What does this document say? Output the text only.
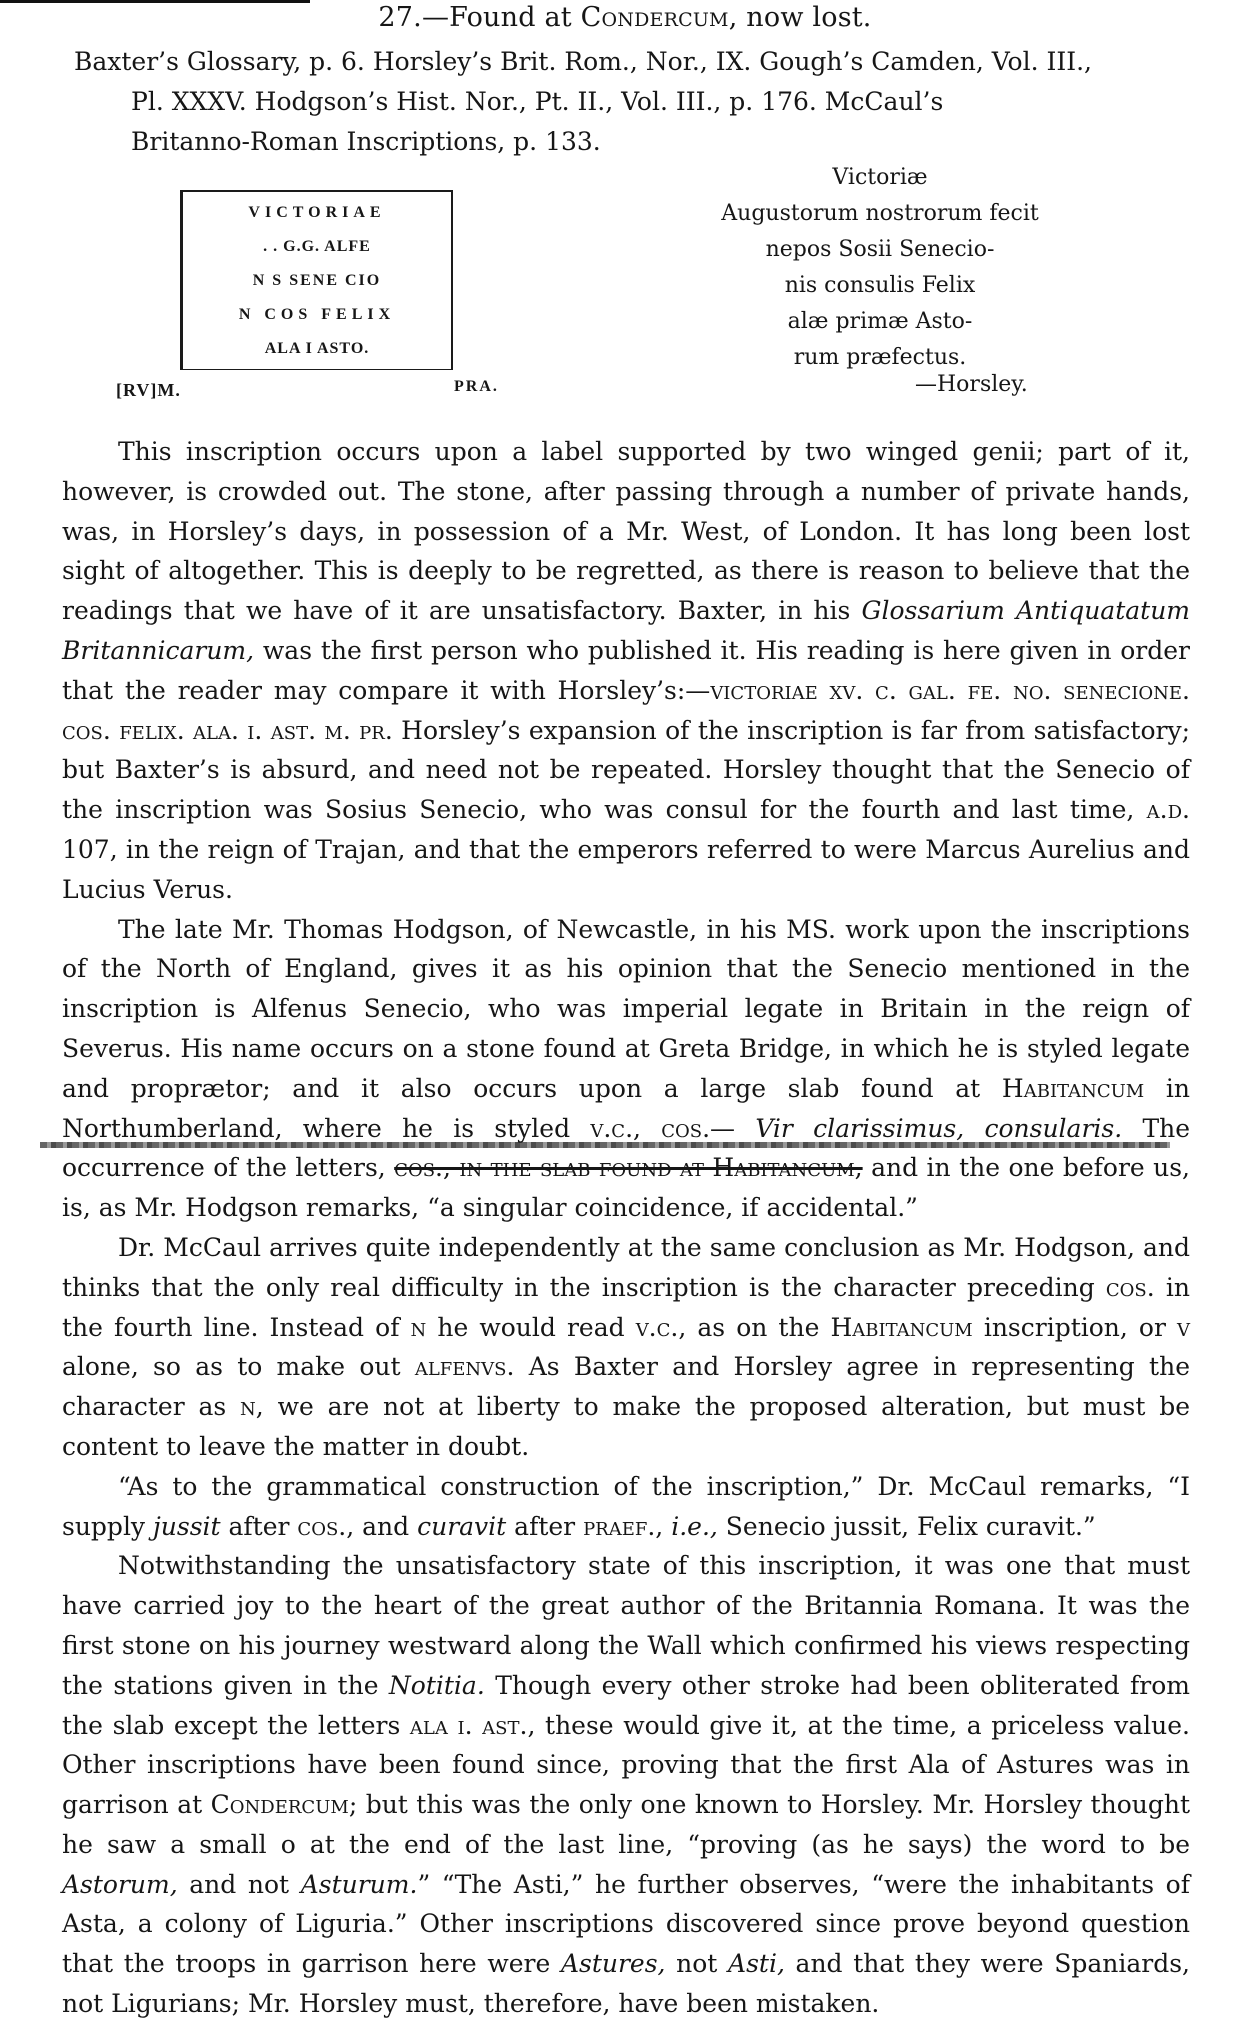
27.—Found at Condercum, now lost.
Baxter’s Glossary, p. 6. Horsley’s Brit. Rom., Nor., IX. Gough’s Camden, Vol. III.,
Pl. XXXV. Hodgson’s Hist. Nor., Pt. II., Vol. III., p. 176. McCaul’s
Britanno-Roman Inscriptions, p. 133.
VICTORIAE
. . G.G. ALFE
N S SENE CIO
N COS FELIX
ALA I ASTO.
[RV]M.	PRA.
Victoriæ
Augustorum nostrorum fecit
nepos Sosii Senecio-
nis consulis Felix
alæ primæ Asto-
rum præfectus.
—Horsley.

This inscription occurs upon a label supported by two winged genii; part of it, however, is crowded out. The stone, after passing through a number of private hands, was, in Horsley’s days, in possession of a Mr. West, of London. It has long been lost sight of altogether. This is deeply to be regretted, as there is reason to believe that the readings that we have of it are unsatisfactory. Baxter, in his Glossarium Antiquatatum Britannicarum, was the first person who published it. His reading is here given in order that the reader may compare it with Horsley’s:—victoriae xv. c. gal. fe. no. senecione. cos. felix. ala. i. ast. m. pr. Horsley’s expansion of the inscription is far from satisfactory; but Baxter’s is absurd, and need not be repeated. Horsley thought that the Senecio of the inscription was Sosius Senecio, who was consul for the fourth and last time, a.d. 107, in the reign of Trajan, and that the emperors referred to were Marcus Aurelius and Lucius Verus.

The late Mr. Thomas Hodgson, of Newcastle, in his MS. work upon the inscriptions of the North of England, gives it as his opinion that the Senecio mentioned in the inscription is Alfenus Senecio, who was imperial legate in Britain in the reign of Severus. His name occurs on a stone found at Greta Bridge, in which he is styled legate and proprætor; and it also occurs upon a large slab found at Habitancum in Northumberland, where he is styled v.c., cos.— Vir clarissimus, consularis. The occurrence of the letters, cos., in the slab found at Habitancum, and in the one before us, is, as Mr. Hodgson remarks, “a singular coincidence, if accidental.”

Dr. McCaul arrives quite independently at the same conclusion as Mr. Hodgson, and thinks that the only real difficulty in the inscription is the character preceding cos. in the fourth line. Instead of n he would read v.c., as on the Habitancum inscription, or v alone, so as to make out alfenvs. As Baxter and Horsley agree in representing the character as n, we are not at liberty to make the proposed alteration, but must be content to leave the matter in doubt.

“As to the grammatical construction of the inscription,” Dr. McCaul remarks, “I supply jussit after cos., and curavit after praef., i.e., Senecio jussit, Felix curavit.”

Notwithstanding the unsatisfactory state of this inscription, it was one that must have carried joy to the heart of the great author of the Britannia Romana. It was the first stone on his journey westward along the Wall which confirmed his views respecting the stations given in the Notitia. Though every other stroke had been obliterated from the slab except the letters ala i. ast., these would give it, at the time, a priceless value. Other inscriptions have been found since, proving that the first Ala of Astures was in garrison at Condercum; but this was the only one known to Horsley. Mr. Horsley thought he saw a small o at the end of the last line, “proving (as he says) the word to be Astorum, and not Asturum.” “The Asti,” he further observes, “were the inhabitants of Asta, a colony of Liguria.” Other inscriptions discovered since prove beyond question that the troops in garrison here were Astures, not Asti, and that they were Spaniards, not Ligurians; Mr. Horsley must, therefore, have been mistaken.
